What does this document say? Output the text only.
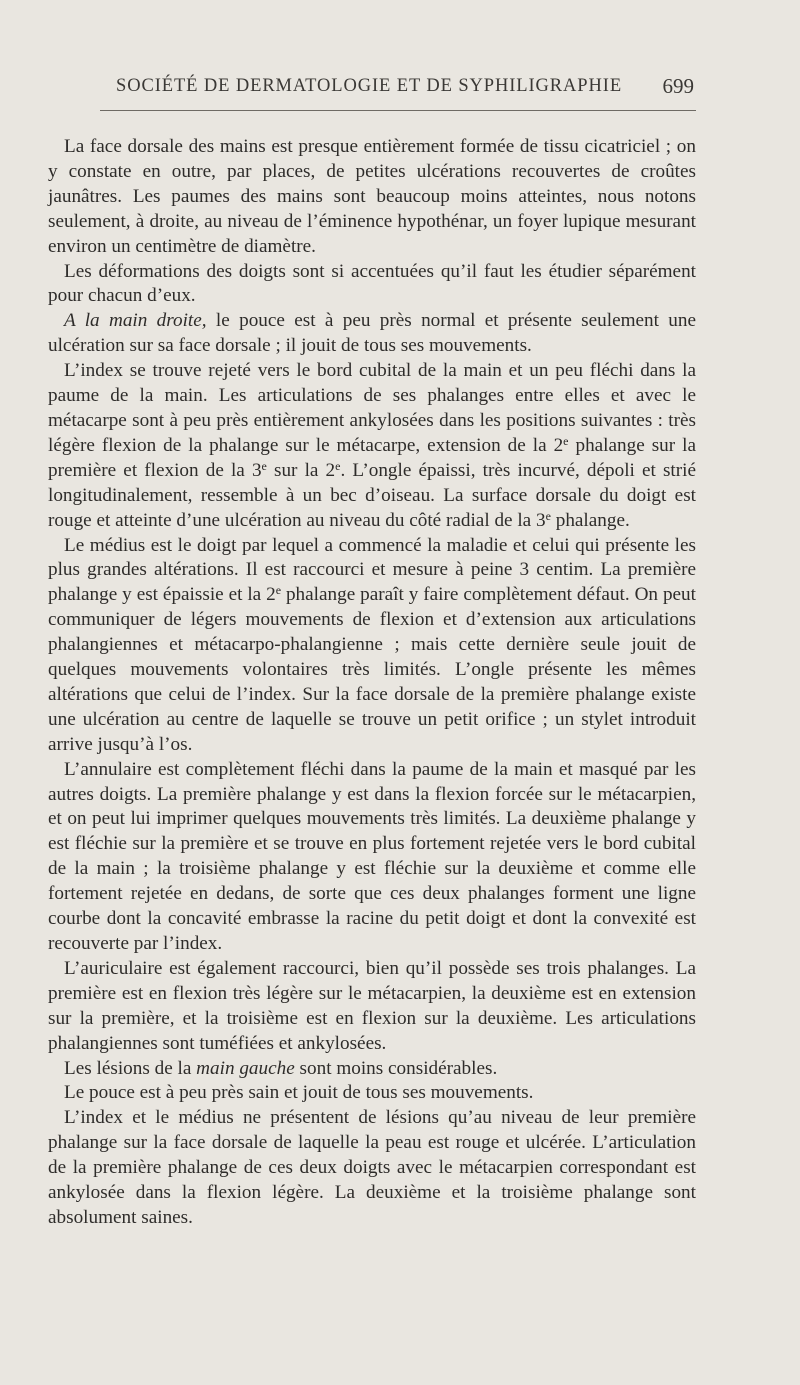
SOCIÉTÉ DE DERMATOLOGIE ET DE SYPHILIGRAPHIE 699

La face dorsale des mains est presque entièrement formée de tissu cicatriciel ; on y constate en outre, par places, de petites ulcérations recouvertes de croûtes jaunâtres. Les paumes des mains sont beaucoup moins atteintes, nous notons seulement, à droite, au niveau de l’éminence hypothénar, un foyer lupique mesurant environ un centimètre de diamètre.

Les déformations des doigts sont si accentuées qu’il faut les étudier séparément pour chacun d’eux.

A la main droite, le pouce est à peu près normal et présente seulement une ulcération sur sa face dorsale ; il jouit de tous ses mouvements.

L’index se trouve rejeté vers le bord cubital de la main et un peu fléchi dans la paume de la main. Les articulations de ses phalanges entre elles et avec le métacarpe sont à peu près entièrement ankylosées dans les positions suivantes : très légère flexion de la phalange sur le métacarpe, extension de la 2e phalange sur la première et flexion de la 3e sur la 2e. L’ongle épaissi, très incurvé, dépoli et strié longitudinalement, ressemble à un bec d’oiseau. La surface dorsale du doigt est rouge et atteinte d’une ulcération au niveau du côté radial de la 3e phalange.

Le médius est le doigt par lequel a commencé la maladie et celui qui présente les plus grandes altérations. Il est raccourci et mesure à peine 3 centim. La première phalange y est épaissie et la 2e phalange paraît y faire complètement défaut. On peut communiquer de légers mouvements de flexion et d’extension aux articulations phalangiennes et métacarpo-phalangienne ; mais cette dernière seule jouit de quelques mouvements volontaires très limités. L’ongle présente les mêmes altérations que celui de l’index. Sur la face dorsale de la première phalange existe une ulcération au centre de laquelle se trouve un petit orifice ; un stylet introduit arrive jusqu’à l’os.

L’annulaire est complètement fléchi dans la paume de la main et masqué par les autres doigts. La première phalange y est dans la flexion forcée sur le métacarpien, et on peut lui imprimer quelques mouvements très limités. La deuxième phalange y est fléchie sur la première et se trouve en plus fortement rejetée vers le bord cubital de la main ; la troisième phalange y est fléchie sur la deuxième et comme elle fortement rejetée en dedans, de sorte que ces deux phalanges forment une ligne courbe dont la concavité embrasse la racine du petit doigt et dont la convexité est recouverte par l’index.

L’auriculaire est également raccourci, bien qu’il possède ses trois phalanges. La première est en flexion très légère sur le métacarpien, la deuxième est en extension sur la première, et la troisième est en flexion sur la deuxième. Les articulations phalangiennes sont tuméfiées et ankylosées.

Les lésions de la main gauche sont moins considérables.

Le pouce est à peu près sain et jouit de tous ses mouvements.

L’index et le médius ne présentent de lésions qu’au niveau de leur première phalange sur la face dorsale de laquelle la peau est rouge et ulcérée. L’articulation de la première phalange de ces deux doigts avec le métacarpien correspondant est ankylosée dans la flexion légère. La deuxième et la troisième phalange sont absolument saines.
